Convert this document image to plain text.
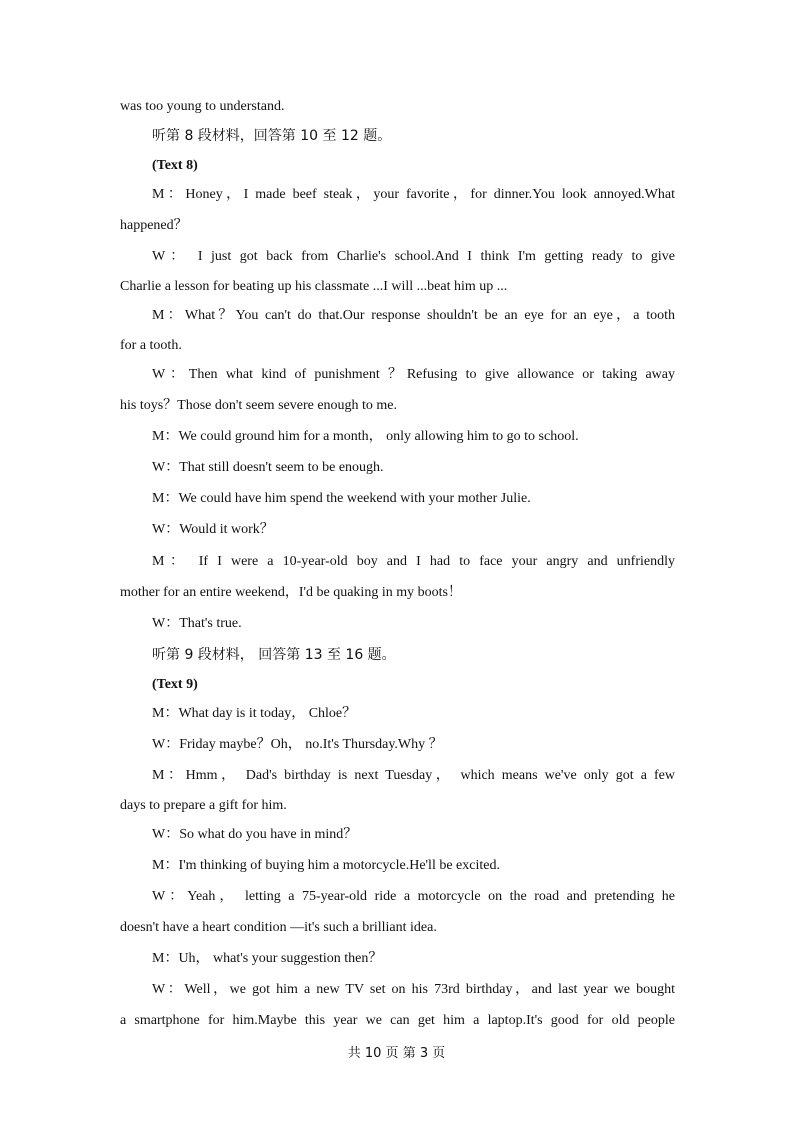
was too young to understand.
听第 8 段材料，回答第 10 至 12 题。
(Text 8)
M：Honey，I made beef steak，your favorite，for dinner.You look annoyed.What
happened？
W： I just got back from Charlie's school.And I think I'm getting ready to give
Charlie a lesson for beating up his classmate ...I will ...beat him up ...
M：What？You can't do that.Our response shouldn't be an eye for an eye，a tooth
for a tooth.
W：Then what kind of punishment ？Refusing to give allowance or taking away
his toys？Those don't seem severe enough to me.
M：We could ground him for a month， only allowing him to go to school.
W：That still doesn't seem to be enough.
M：We could have him spend the weekend with your mother Julie.
W：Would it work？
M： If I were a 10-year-old boy and I had to face your angry and unfriendly
mother for an entire weekend，I'd be quaking in my boots！
W：That's true.
听第 9 段材料， 回答第 13 至 16 题。
(Text 9)
M：What day is it today， Chloe？
W：Friday maybe？Oh， no.It's Thursday.Why ？
M：Hmm， Dad's birthday is next Tuesday， which means we've only got a few
days to prepare a gift for him.
W：So what do you have in mind？
M：I'm thinking of buying him a motorcycle.He'll be excited.
W：Yeah， letting a 75-year-old ride a motorcycle on the road and pretending he
doesn't have a heart condition —it's such a brilliant idea.
M：Uh， what's your suggestion then？
W：Well，we got him a new TV set on his 73rd birthday，and last year we bought
a smartphone for him.Maybe this year we can get him a laptop.It's good for old people
共 10 页 第 3 页
